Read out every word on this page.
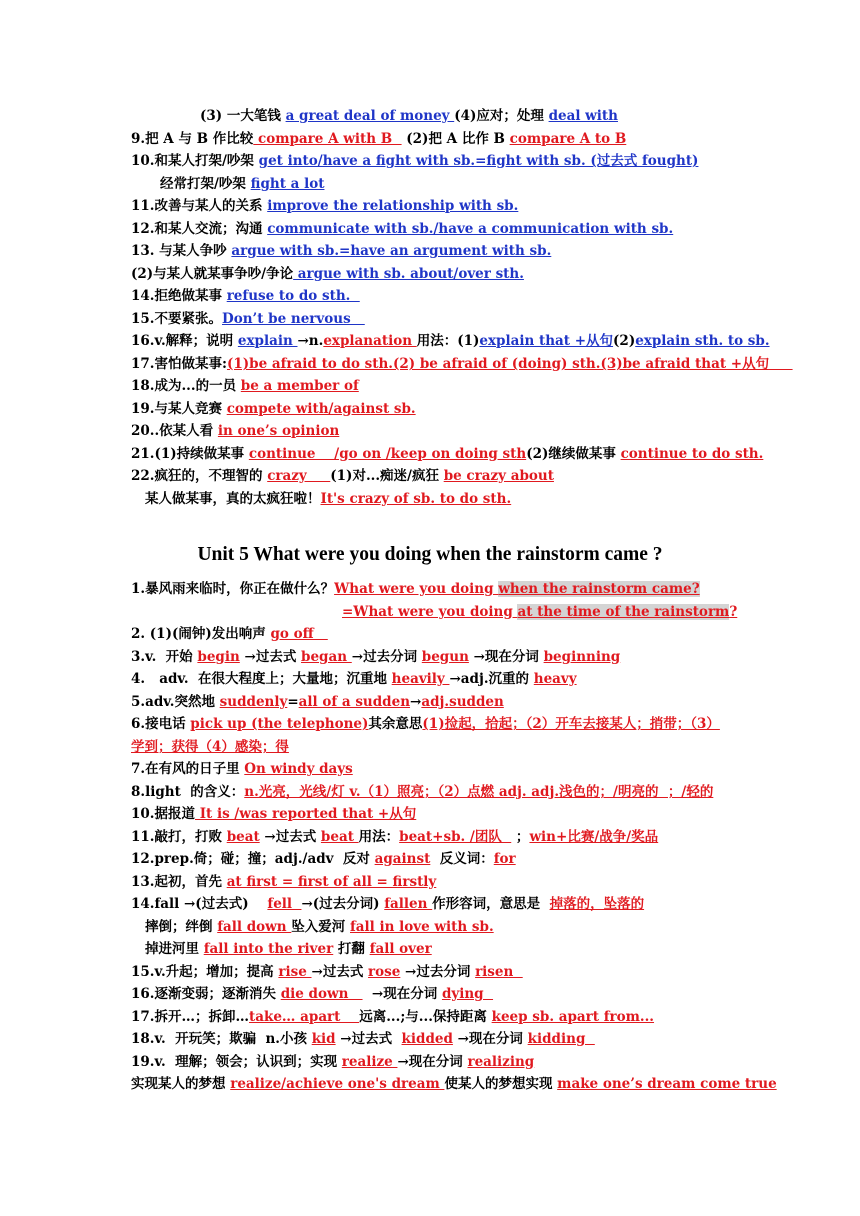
Unit 5 What were you doing when the rainstorm came ?
(3) 一大笔钱 a great deal of money (4)应对；处理 deal with
9.把 A 与 B 作比较 compare A with B   (2)把 A 比作 B compare A to B
10.和某人打架/吵架 get into/have a fight with sb.=fight with sb. (过去式 fought)
经常打架/吵架 fight a lot
11.改善与某人的关系 improve the relationship with sb.
12.和某人交流；沟通 communicate with sb./have a communication with sb.
13. 与某人争吵 argue with sb.=have an argument with sb.
(2)与某人就某事争吵/争论 argue with sb. about/over sth.
14.拒绝做某事 refuse to do sth.
15.不要紧张。Don’t be nervous
16.v.解释；说明 explain →n.explanation 用法：(1)explain that +从句(2)explain sth. to sb.
17.害怕做某事:(1)be afraid to do sth.(2) be afraid of (doing) sth.(3)be afraid that +从句
18.成为...的一员 be a member of
19.与某人竞赛 compete with/against sb.
20..依某人看 in one’s opinion
21.(1)持续做某事 continue    /go on /keep on doing sth(2)继续做某事 continue to do sth.
22.疯狂的，不理智的 crazy     (1)对...痴迷/疯狂 be crazy about
某人做某事，真的太疯狂啦！It's crazy of sb. to do sth.
1.暴风雨来临时，你正在做什么？What were you doing when the rainstorm came?
=What were you doing at the time of the rainstorm?
2. (1)(闹钟)发出响声 go off
3.v.  开始 begin →过去式 began →过去分词 begun →现在分词 beginning
4.   adv.  在很大程度上；大量地；沉重地 heavily →adj.沉重的 heavy
5.adv.突然地 suddenly=all of a sudden→adj.sudden
6.接电话 pick up (the telephone)其余意思(1)捡起，拾起；（2）开车去接某人；捎带；（3）
学到；获得（4）感染；得
7.在有风的日子里 On windy days
8.light  的含义：n.光亮，光线/灯 v.（1）照亮；（2）点燃 adj. adj.浅色的；/明亮的  ；/轻的
10.据报道 It is /was reported that +从句
11.敲打，打败 beat →过去式 beat 用法：beat+sb. /团队   ；win+比赛/战争/奖品
12.prep.倚；碰；撞；adj./adv  反对 against  反义词：for
13.起初，首先 at first = first of all = firstly
14.fall →(过去式)    fell  →(过去分词) fallen 作形容词，意思是  掉落的，坠落的
摔倒；绊倒 fall down 坠入爱河 fall in love with sb.
掉进河里 fall into the river 打翻 fall over
15.v.升起；增加；提高 rise →过去式 rose →过去分词 risen
16.逐渐变弱；逐渐消失 die down     →现在分词 dying
17.拆开…；拆卸…take… apart    远离...;与...保持距离 keep sb. apart from...
18.v.  开玩笑；欺骗  n.小孩 kid →过去式  kidded →现在分词 kidding
19.v.  理解；领会；认识到；实现 realize →现在分词 realizing
实现某人的梦想 realize/achieve one's dream 使某人的梦想实现 make one’s dream come true
